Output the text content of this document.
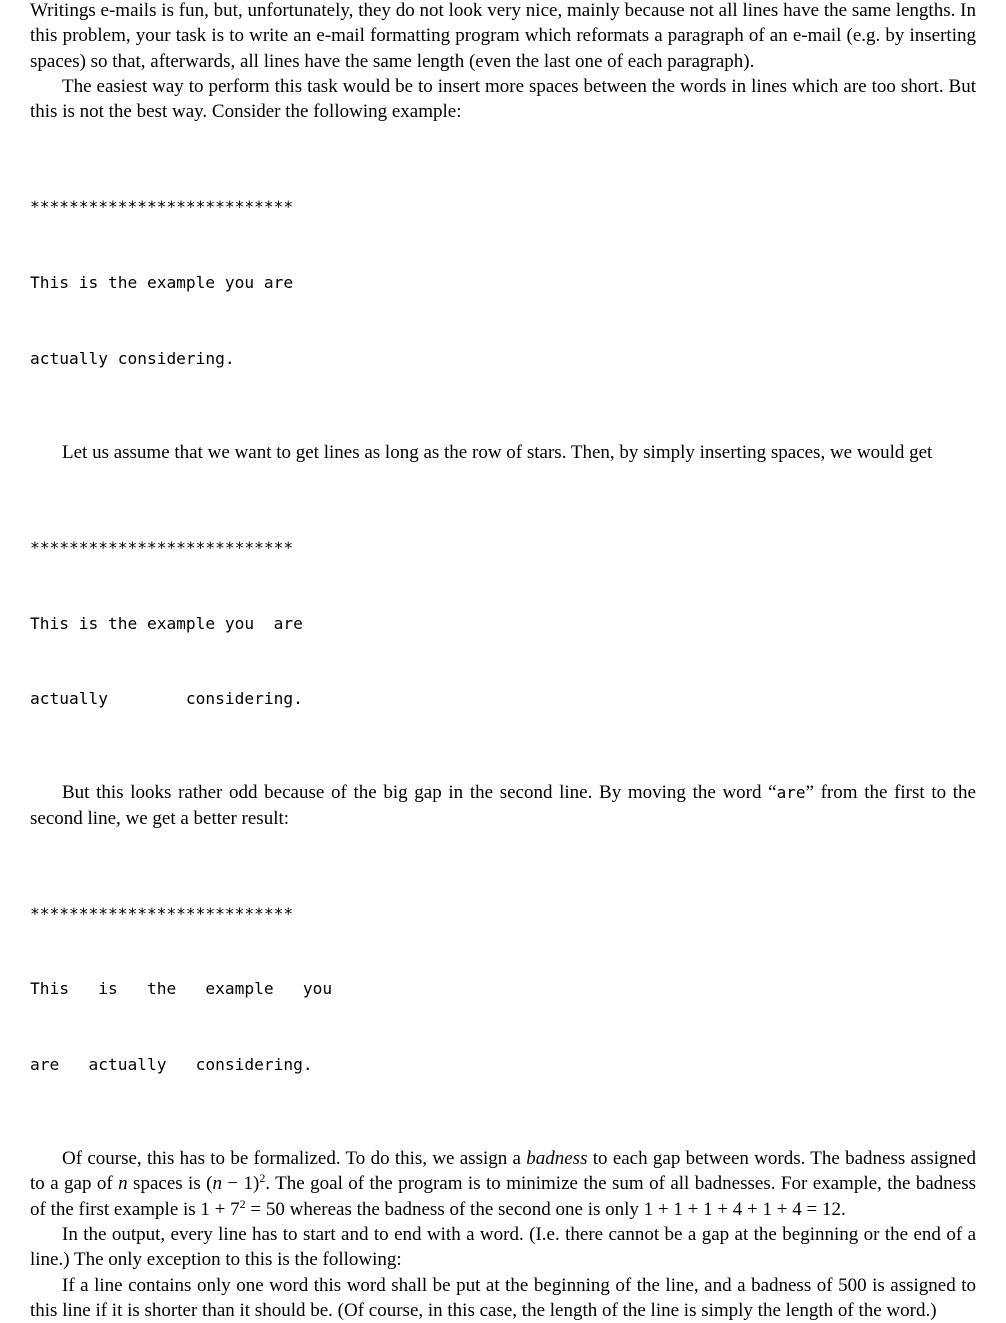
Writings e-mails is fun, but, unfortunately, they do not look very nice, mainly because not all lines have the same lengths. In this problem, your task is to write an e-mail formatting program which reformats a paragraph of an e-mail (e.g. by inserting spaces) so that, afterwards, all lines have the same length (even the last one of each paragraph).

The easiest way to perform this task would be to insert more spaces between the words in lines which are too short. But this is not the best way. Consider the following example:

***************************

This is the example you are

actually considering.

Let us assume that we want to get lines as long as the row of stars. Then, by simply inserting spaces, we would get

***************************

This is the example you  are

actually        considering.

But this looks rather odd because of the big gap in the second line. By moving the word “are” from the first to the second line, we get a better result:

***************************

This   is   the   example   you

are   actually   considering.

Of course, this has to be formalized. To do this, we assign a badness to each gap between words. The badness assigned to a gap of n spaces is $(n - 1)^2$. The goal of the program is to minimize the sum of all badnesses. For example, the badness of the first example is $1 + 7^2 = 50$ whereas the badness of the second one is only 1 + 1 + 1 + 4 + 1 + 4 = 12.

In the output, every line has to start and to end with a word. (I.e. there cannot be a gap at the beginning or the end of a line.) The only exception to this is the following:

If a line contains only one word this word shall be put at the beginning of the line, and a badness of 500 is assigned to this line if it is shorter than it should be. (Of course, in this case, the length of the line is simply the length of the word.)
